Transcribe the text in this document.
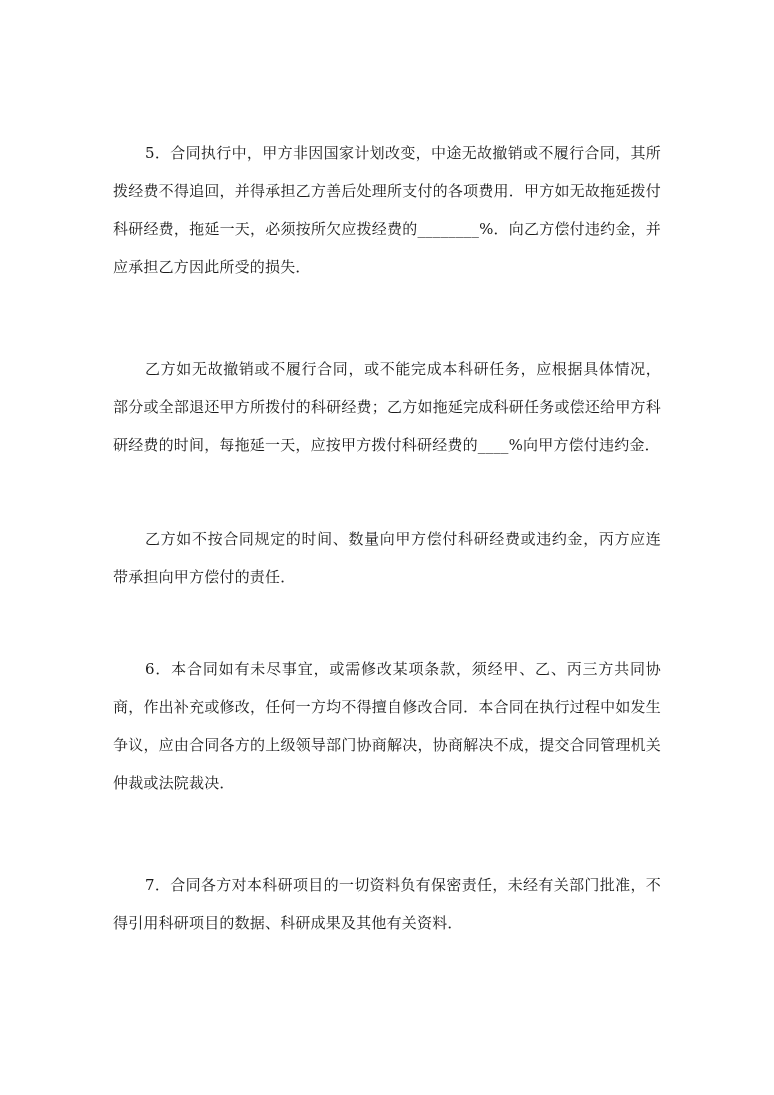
5．合同执行中，甲方非因国家计划改变，中途无故撤销或不履行合同，其所拨经费不得追回，并得承担乙方善后处理所支付的各项费用．甲方如无故拖延拨付科研经费，拖延一天，必须按所欠应拨经费的________%．向乙方偿付违约金，并应承担乙方因此所受的损失．

乙方如无故撤销或不履行合同，或不能完成本科研任务，应根据具体情况，部分或全部退还甲方所拨付的科研经费；乙方如拖延完成科研任务或偿还给甲方科研经费的时间，每拖延一天，应按甲方拨付科研经费的____%向甲方偿付违约金．

乙方如不按合同规定的时间、数量向甲方偿付科研经费或违约金，丙方应连带承担向甲方偿付的责任．

6．本合同如有未尽事宜，或需修改某项条款，须经甲、乙、丙三方共同协商，作出补充或修改，任何一方均不得擅自修改合同．本合同在执行过程中如发生争议，应由合同各方的上级领导部门协商解决，协商解决不成，提交合同管理机关仲裁或法院裁决．

7．合同各方对本科研项目的一切资料负有保密责任，未经有关部门批准，不得引用科研项目的数据、科研成果及其他有关资料．
